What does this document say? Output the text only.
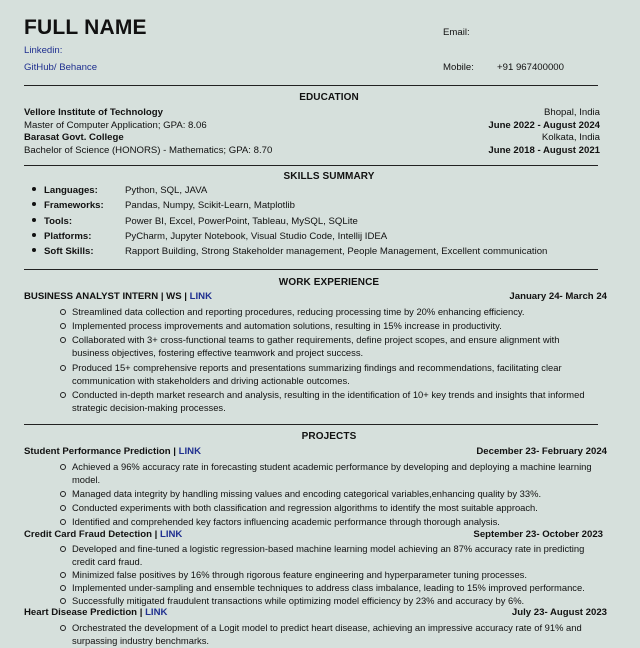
FULL NAME
Linkedin:
GitHub/ Behance
Email:
Mobile: +91 967400000
EDUCATION
Vellore Institute of Technology	Bhopal, India
Master of Computer Application; GPA: 8.06	June 2022 - August 2024
Barasat Govt. College	Kolkata, India
Bachelor of Science (HONORS) - Mathematics; GPA: 8.70	June 2018 - August 2021
SKILLS SUMMARY
Languages:	Python, SQL, JAVA
Frameworks: Pandas, Numpy, Scikit-Learn, Matplotlib
Tools:	Power BI, Excel, PowerPoint, Tableau, MySQL, SQLite
Platforms:	PyCharm, Jupyter Notebook, Visual Studio Code, Intellij IDEA
Soft Skills:	Rapport Building, Strong Stakeholder management, People Management, Excellent communication
WORK EXPERIENCE
BUSINESS ANALYST INTERN | WS | LINK	January 24- March 24
Streamlined data collection and reporting procedures, reducing processing time by 20% enhancing efficiency.
Implemented process improvements and automation solutions, resulting in 15% increase in productivity.
Collaborated with 3+ cross-functional teams to gather requirements, define project scopes, and ensure alignment with
business objectives, fostering effective teamwork and project success.
Produced 15+ comprehensive reports and presentations summarizing findings and recommendations, facilitating clear
communication with stakeholders and driving actionable outcomes.
Conducted in-depth market research and analysis, resulting in the identification of 10+ key trends and insights that informed
strategic decision-making processes.
PROJECTS
Student Performance Prediction | LINK	December 23- February 2024
Achieved a 96% accuracy rate in forecasting student academic performance by developing and deploying a machine learning
model.
Managed data integrity by handling missing values and encoding categorical variables,enhancing quality by 33%.
Conducted experiments with both classification and regression algorithms to identify the most suitable approach.
Identified and comprehended key factors influencing academic performance through thorough analysis.
Credit Card Fraud Detection | LINK	September 23- October 2023
Developed and fine-tuned a logistic regression-based machine learning model achieving an 87% accuracy rate in predicting
credit card fraud.
Minimized false positives by 16% through rigorous feature engineering and hyperparameter tuning processes.
Implemented under-sampling and ensemble techniques to address class imbalance, leading to 15% improved performance.
Successfully mitigated fraudulent transactions while optimizing model efficiency by 23% and accuracy by 6%.
Heart Disease Prediction | LINK	July 23- August 2023
Orchestrated the development of a Logit model to predict heart disease, achieving an impressive accuracy rate of 91% and
surpassing industry benchmarks.
